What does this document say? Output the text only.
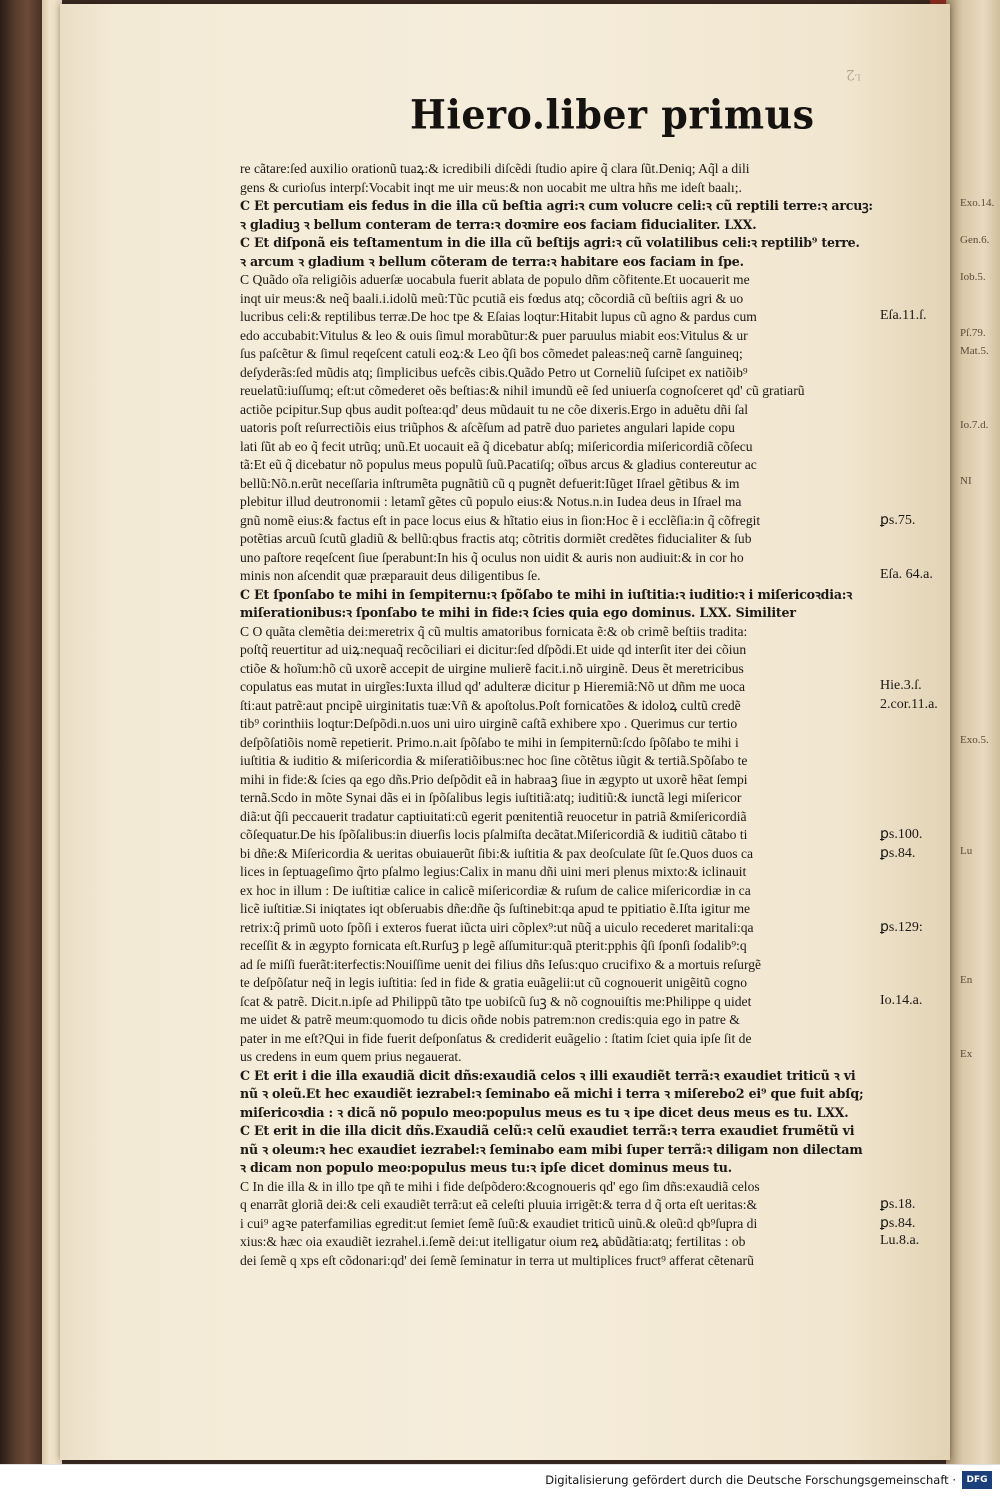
ᴸ2
Hiero.liber primus
re cãtare:ſed auxilio orationũ tuaꝝ:& icredibili diſcẽdi ſtudio apire q̃ clara ſũt.Deniq; Aq̃l a dili
gens & curioſus interpſ:Vocabit inqt me uir meus:& non uocabit me ultra hñs me ideſt baalı;.
C Et percutiam eis fedus in die illa cũ beſtia agri:ꝛ cum volucre celi:ꝛ cũ reptili terre:ꝛ arcuꝫ:
ꝛ gladiuꝫ ꝛ bellum conteram de terra:ꝛ doꝛmire eos faciam fiducialiter. LXX.
C Et diſponã eis teſtamentum in die illa cũ beſtijs agri:ꝛ cũ volatilibus celi:ꝛ reptilib⁹ terre.
ꝛ arcum ꝛ gladium ꝛ bellum cõteram de terra:ꝛ habitare eos faciam in ſpe.
C Quãdo oĩa religiõis aduerſæ uocabula fuerit ablata de populo dñm cõfitente.Et uocauerit me
inqt uir meus:& neq̃ baali.i.idolũ meũ:Tũc pcutiã eis fœdus atq; cõcordiã cũ beſtiis agri & uo
lucribus celi:& reptilibus terræ.De hoc tpe & Eſaias loqtur:Hitabit lupus cũ agno & pardus cum
edo accubabit:Vitulus & leo & ouis ſimul morabũtur:& puer paruulus miabit eos:Vitulus & ur
ſus paſcẽtur & ſimul reqeſcent catuli eoꝝ:& Leo q̃ſi bos cõmedet paleas:neq̃ carnẽ ſanguineq;
deſyderãs:ſed mũdis atq; ſimplicibus uefcẽs cibis.Quãdo Petro ut Corneliũ ſuſcipet ex natiõib⁹
reuelatũ:iuſſumq; eſt:ut cõmederet oẽs beſtias:& nihil imundũ eẽ ſed uniuerſa cognoſceret qd' cũ gratiarũ
actiõe pcipitur.Sup qbus audit poſtea:qd' deus mũdauit tu ne cõe dixeris.Ergo in aduẽtu dñi ſal
uatoris poſt reſurrectiõis eius triũphos & aſcẽſum ad patrẽ duo parietes angulari lapide copu
lati ſũt ab eo q̃ fecit utrũq; unũ.Et uocauit eã q̃ dicebatur abſq; miſericordia miſericordiã cõſecu
tã:Et eũ q̃ dicebatur nõ populus meus populũ ſuũ.Pacatiſq; oĩbus arcus & gladius contereutur ac
bellũ:Nõ.n.erũt neceſſaria inſtrumẽta pugnãtiũ cũ q pugnẽt defuerit:Iũget Iſrael gẽtibus & im
plebitur illud deutronomii : letamĩ gẽtes cũ populo eius:& Notus.n.in Iudea deus in Iſrael ma
gnũ nomẽ eius:& factus eſt in pace locus eius & hĩtatio eius in ſion:Hoc ẽ i ecclẽſia:in q̃ cõfregit
potẽtias arcuũ ſcutũ gladiũ & bellũ:qbus fractis atq; cõtritis dormiẽt credẽtes fiducialiter & ſub
uno paſtore reqeſcent ſiue ſperabunt:In his q̃ oculus non uidit & auris non audiuit:& in cor ho
minis non aſcendit quæ præparauit deus diligentibus ſe.
C Et ſponſabo te mihi in ſempiternu:ꝛ ſpõſabo te mihi in iuſtitia:ꝛ iuditio:ꝛ i miſericoꝛdia:ꝛ
miſerationibus:ꝛ ſponſabo te mihi in fide:ꝛ ſcies quia ego dominus. LXX. Similiter
C O quãta clemẽtia dei:meretrix q̃ cũ multis amatoribus fornicata ẽ:& ob crimẽ beſtiis tradita:
poſtq̃ reuertitur ad uiꝝ:nequaq̃ recõciliari ei dicitur:ſed dſpõdi.Et uide qd interſit iter dei cõiun
ctiõe & hoĩum:hõ cũ uxorẽ accepit de uirgine mulierẽ facit.i.nõ uirginẽ. Deus ẽt meretricibus
copulatus eas mutat in uirgĩes:Iuxta illud qd' adulteræ dicitur p Hieremiã:Nõ ut dñm me uoca
ſti:aut patrẽ:aut pncipẽ uirginitatis tuæ:Vñ & apoſtolus.Poſt fornicatões & idoloꝝ cultũ credẽ
tib⁹ corinthiis loqtur:Deſpõdi.n.uos uni uiro uirginẽ caſtã exhibere xpo . Querimus cur tertio
deſpõſatiõis nomẽ repetierit. Primo.n.ait ſpõſabo te mihi in ſempiternũ:ſcdo ſpõſabo te mihi i
iuſtitia & iuditio & miſericordia & miſeratiõibus:nec hoc ſine cõtẽtus iũgit & tertiã.Spõſabo te
mihi in fide:& ſcies qa ego dñs.Prio deſpõdit eã in habraaꝫ ſiue in ægypto ut uxorẽ hẽat ſempi
ternã.Scdo in mõte Synai dãs ei in ſpõſalibus legis iuſtitiã:atq; iuditiũ:& iunctã legi miſericor
diã:ut q̃ſi peccauerit tradatur captiuitati:cũ egerit pœnitentiã reuocetur in patriã &miſericordiã
cõſequatur.De his ſpõſalibus:in diuerſis locis pſalmiſta decãtat.Miſericordiã & iuditiũ cãtabo ti
bi dñe:& Miſericordia & ueritas obuiauerũt ſibi:& iuſtitia & pax deoſculate ſũt ſe.Quos duos ca
lices in ſeptuageſimo q̃rto pſalmo legius:Calix in manu dñi uini meri plenus mixto:& iclinauit
ex hoc in illum : De iuſtitiæ calice in calicẽ miſericordiæ & ruſum de calice miſericordiæ in ca
licẽ iuſtitiæ.Si iniqtates iqt obſeruabis dñe:dñe q̃s ſuſtinebit:qa apud te ppitiatio ẽ.Iſta igitur me
retrix:q̃ primũ uoto ſpõſi i exteros fuerat iũcta uiri cõplex⁹:ut nũq̃ a uiculo recederet maritali:qa
receſſit & in ægypto fornicata eſt.Rurſuꝫ p legẽ aſſumitur:quã pterit:pphis q̃ſi ſponſi ſodalib⁹:q
ad ſe miſſi fuerãt:iterfectis:Nouiſſime uenit dei filius dñs Ieſus:quo crucifixo & a mortuis reſurgẽ
te deſpõſatur neq̃ in legis iuſtitia: ſed in fide & gratia euãgelii:ut cũ cognouerit unigẽitũ cogno
ſcat & patrẽ. Dicit.n.ipſe ad Philippũ tãto tpe uobiſcũ ſuꝫ & nõ cognouiſtis me:Philippe q uidet
me uidet & patrẽ meum:quomodo tu dicis oñde nobis patrem:non credis:quia ego in patre &
pater in me eſt?Qui in fide fuerit deſponſatus & crediderit euãgelio : ſtatim ſciet quia ipſe ſit de
us credens in eum quem prius negauerat.
C Et erit i die illa exaudiã dicit dñs:exaudiã celos ꝛ illi exaudiẽt terrã:ꝛ exaudiet triticũ ꝛ vi
nũ ꝛ oleũ.Et hec exaudiẽt iezrabel:ꝛ ſeminabo eã michi i terra ꝛ miſerebo2 ei⁹ que fuit abſq;
miſericoꝛdia : ꝛ dicã nõ populo meo:populus meus es tu ꝛ ipe dicet deus meus es tu. LXX.
C Et erit in die illa dicit dñs.Exaudiã celũ:ꝛ celũ exaudiet terrã:ꝛ terra exaudiet frumẽtũ vi
nũ ꝛ oleum:ꝛ hec exaudiet iezrabel:ꝛ ſeminabo eam mibi ſuper terrã:ꝛ diligam non dilectam
ꝛ dicam non populo meo:populus meus tu:ꝛ ipſe dicet dominus meus tu.
C In die illa & in illo tpe qñ te mihi i fide deſpõdero:&cognoueris qd' ego ſim dñs:exaudiã celos
q enarrãt gloriã dei:& celi exaudiẽt terrã:ut eã celeſti pluuia irrigẽt:& terra d q̃ orta eſt ueritas:&
i cui⁹ agꝛe paterfamilias egredit:ut ſemiet ſemẽ ſuũ:& exaudiet triticũ uinũ.& oleũ:d qb⁹ſupra di
xius:& hæc oia exaudiẽt iezrahel.i.ſemẽ dei:ut itelligatur oium reꝝ abũdãtia:atq; fertilitas : ob
dei ſemẽ q xps eſt cõdonari:qd' dei ſemẽ ſeminatur in terra ut multiplices fruct⁹ afferat cẽtenarũ
Eſa.11.ſ.
ꝑs.75.
Eſa. 64.a.
Hie.3.ſ.
2.cor.11.a.
ꝑs.100.
ꝑs.84.
ꝑs.129:
Io.14.a.
ꝑs.18.
ꝑs.84.
Lu.8.a.
Exo.14.
Gen.6.
Iob.5.
Pſ.79.
Mat.5.
Io.7.d.
NI
Exo.5.
Lu
En
Ex
Digitalisierung gefördert durch die Deutsche Forschungsgemeinschaft ·	DFG
